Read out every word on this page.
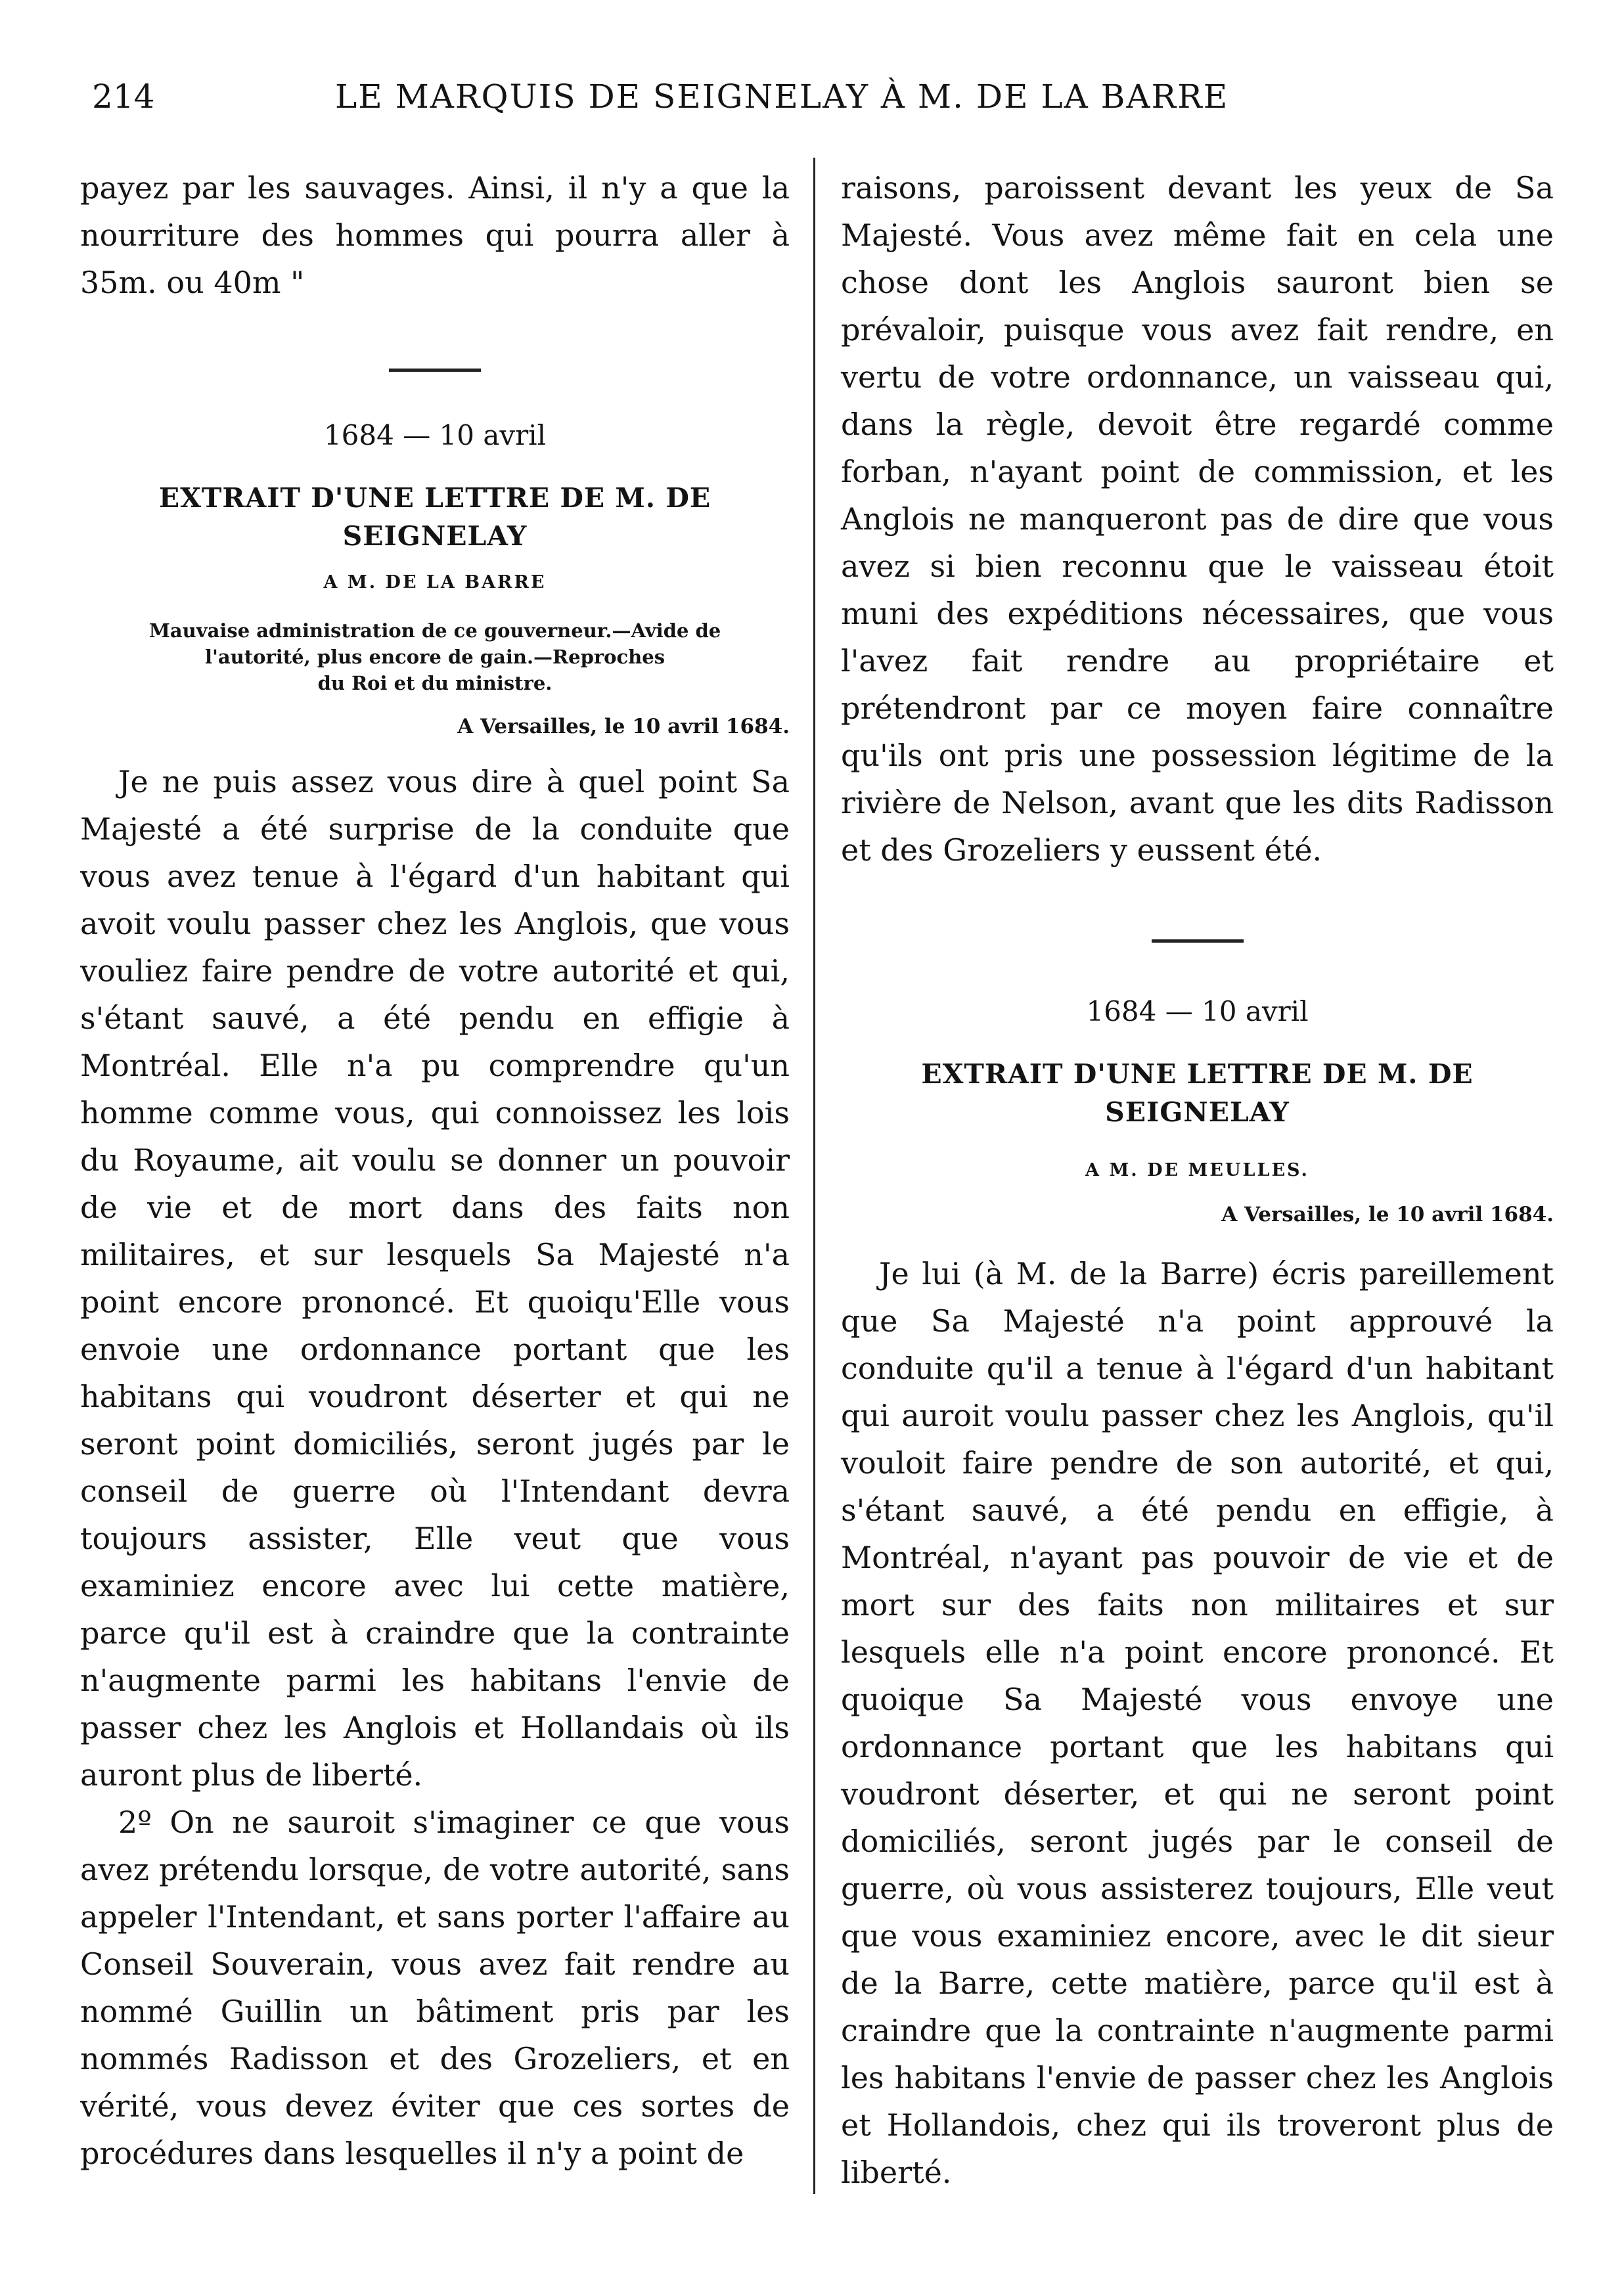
214	LE MARQUIS DE SEIGNELAY À M. DE LA BARRE

payez par les sauvages. Ainsi, il n'y a que la nourriture des hommes qui pourra aller à 35m. ou 40m "

1684 — 10 avril
EXTRAIT D'UNE LETTRE DE M. DE
SEIGNELAY
A M. DE LA BARRE
Mauvaise administration de ce gouverneur.—Avide de
l'autorité, plus encore de gain.—Reproches
du Roi et du ministre.
A Versailles, le 10 avril 1684.

Je ne puis assez vous dire à quel point Sa Majesté a été surprise de la conduite que vous avez tenue à l'égard d'un habitant qui avoit voulu passer chez les Anglois, que vous vouliez faire pendre de votre autorité et qui, s'étant sauvé, a été pendu en effigie à Montréal. Elle n'a pu comprendre qu'un homme comme vous, qui connoissez les lois du Royaume, ait voulu se donner un pouvoir de vie et de mort dans des faits non militaires, et sur lesquels Sa Majesté n'a point encore prononcé. Et quoiqu'Elle vous envoie une ordonnance portant que les habitans qui voudront déserter et qui ne seront point domiciliés, seront jugés par le conseil de guerre où l'Intendant devra toujours assister, Elle veut que vous examiniez encore avec lui cette matière, parce qu'il est à craindre que la contrainte n'augmente parmi les habitans l'envie de passer chez les Anglois et Hollandais où ils auront plus de liberté.

2º On ne sauroit s'imaginer ce que vous avez prétendu lorsque, de votre autorité, sans appeler l'Intendant, et sans porter l'affaire au Conseil Souverain, vous avez fait rendre au nommé Guillin un bâtiment pris par les nommés Radisson et des Grozeliers, et en vérité, vous devez éviter que ces sortes de procédures dans lesquelles il n'y a point de

raisons, paroissent devant les yeux de Sa Majesté. Vous avez même fait en cela une chose dont les Anglois sauront bien se prévaloir, puisque vous avez fait rendre, en vertu de votre ordonnance, un vaisseau qui, dans la règle, devoit être regardé comme forban, n'ayant point de commission, et les Anglois ne manqueront pas de dire que vous avez si bien reconnu que le vaisseau étoit muni des expéditions nécessaires, que vous l'avez fait rendre au propriétaire et prétendront par ce moyen faire connaître qu'ils ont pris une possession légitime de la rivière de Nelson, avant que les dits Radisson et des Grozeliers y eussent été.

1684 — 10 avril
EXTRAIT D'UNE LETTRE DE M. DE
SEIGNELAY
A M. DE MEULLES.
A Versailles, le 10 avril 1684.

Je lui (à M. de la Barre) écris pareillement que Sa Majesté n'a point approuvé la conduite qu'il a tenue à l'égard d'un habitant qui auroit voulu passer chez les Anglois, qu'il vouloit faire pendre de son autorité, et qui, s'étant sauvé, a été pendu en effigie, à Montréal, n'ayant pas pouvoir de vie et de mort sur des faits non militaires et sur lesquels elle n'a point encore prononcé. Et quoique Sa Majesté vous envoye une ordonnance portant que les habitans qui voudront déserter, et qui ne seront point domiciliés, seront jugés par le conseil de guerre, où vous assisterez toujours, Elle veut que vous examiniez encore, avec le dit sieur de la Barre, cette matière, parce qu'il est à craindre que la contrainte n'augmente parmi les habitans l'envie de passer chez les Anglois et Hollandois, chez qui ils troveront plus de liberté.
